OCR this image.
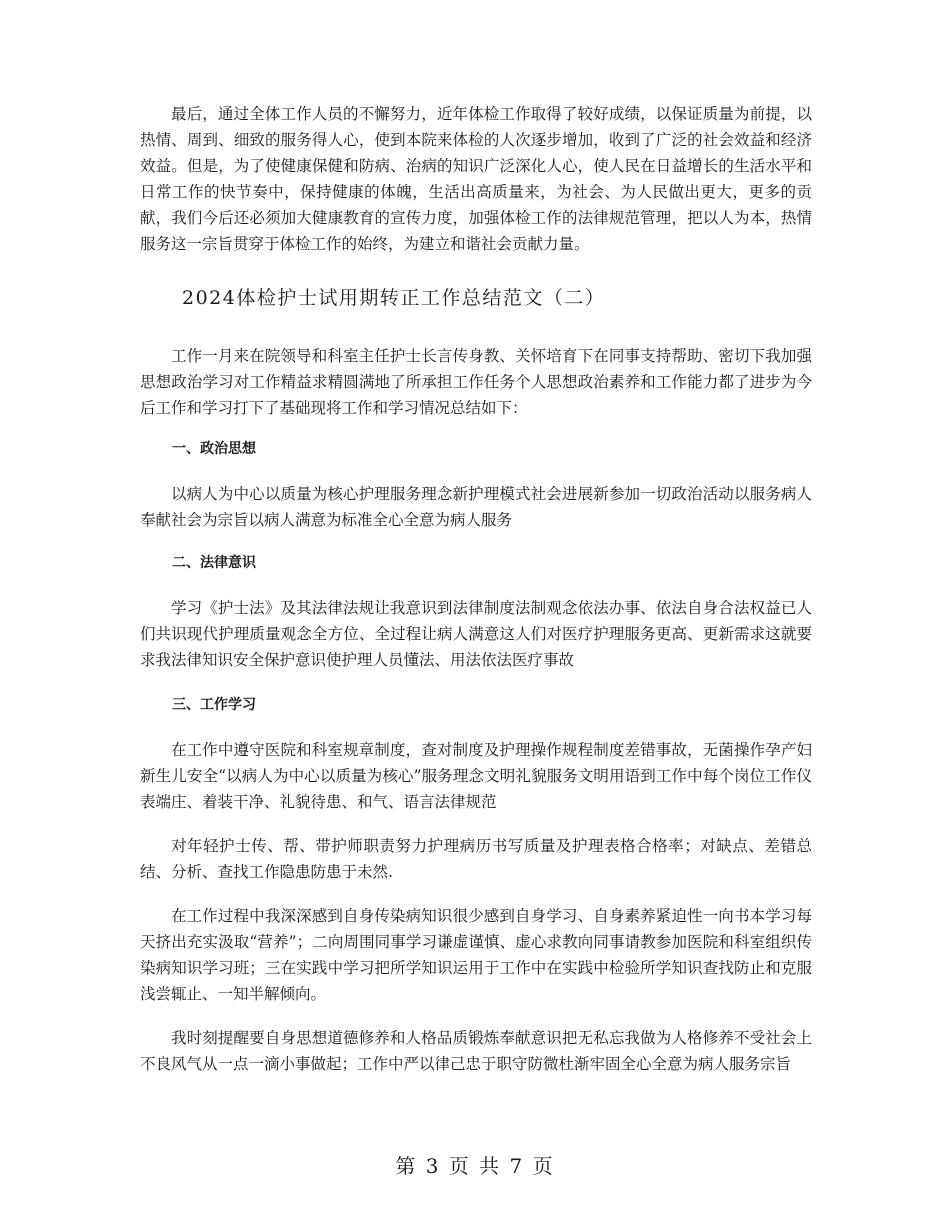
最后，通过全体工作人员的不懈努力，近年体检工作取得了较好成绩，以保证质量为前提，以热情、周到、细致的服务得人心，使到本院来体检的人次逐步增加，收到了广泛的社会效益和经济效益。但是，为了使健康保健和防病、治病的知识广泛深化人心，使人民在日益增长的生活水平和日常工作的快节奏中，保持健康的体魄，生活出高质量来，为社会、为人民做出更大，更多的贡献，我们今后还必须加大健康教育的宣传力度，加强体检工作的法律规范管理，把以人为本，热情服务这一宗旨贯穿于体检工作的始终，为建立和谐社会贡献力量。

2024体检护士试用期转正工作总结范文（二）

工作一月来在院领导和科室主任护士长言传身教、关怀培育下在同事支持帮助、密切下我加强思想政治学习对工作精益求精圆满地了所承担工作任务个人思想政治素养和工作能力都了进步为今后工作和学习打下了基础现将工作和学习情况总结如下：

一、政治思想

以病人为中心以质量为核心护理服务理念新护理模式社会进展新参加一切政治活动以服务病人奉献社会为宗旨以病人满意为标准全心全意为病人服务

二、法律意识

学习《护士法》及其法律法规让我意识到法律制度法制观念依法办事、依法自身合法权益已人们共识现代护理质量观念全方位、全过程让病人满意这人们对医疗护理服务更高、更新需求这就要求我法律知识安全保护意识使护理人员懂法、用法依法医疗事故

三、工作学习

在工作中遵守医院和科室规章制度，查对制度及护理操作规程制度差错事故，无菌操作孕产妇新生儿安全“以病人为中心以质量为核心”服务理念文明礼貌服务文明用语到工作中每个岗位工作仪表端庄、着装干净、礼貌待患、和气、语言法律规范

对年轻护士传、帮、带护师职责努力护理病历书写质量及护理表格合格率；对缺点、差错总结、分析、查找工作隐患防患于未然.

在工作过程中我深深感到自身传染病知识很少感到自身学习、自身素养紧迫性一向书本学习每天挤出充实汲取“营养”；二向周围同事学习谦虚谨慎、虚心求教向同事请教参加医院和科室组织传染病知识学习班；三在实践中学习把所学知识运用于工作中在实践中检验所学知识查找防止和克服浅尝辄止、一知半解倾向。

我时刻提醒要自身思想道德修养和人格品质锻炼奉献意识把无私忘我做为人格修养不受社会上不良风气从一点一滴小事做起；工作中严以律己忠于职守防微杜渐牢固全心全意为病人服务宗旨

第 3 页 共 7 页
